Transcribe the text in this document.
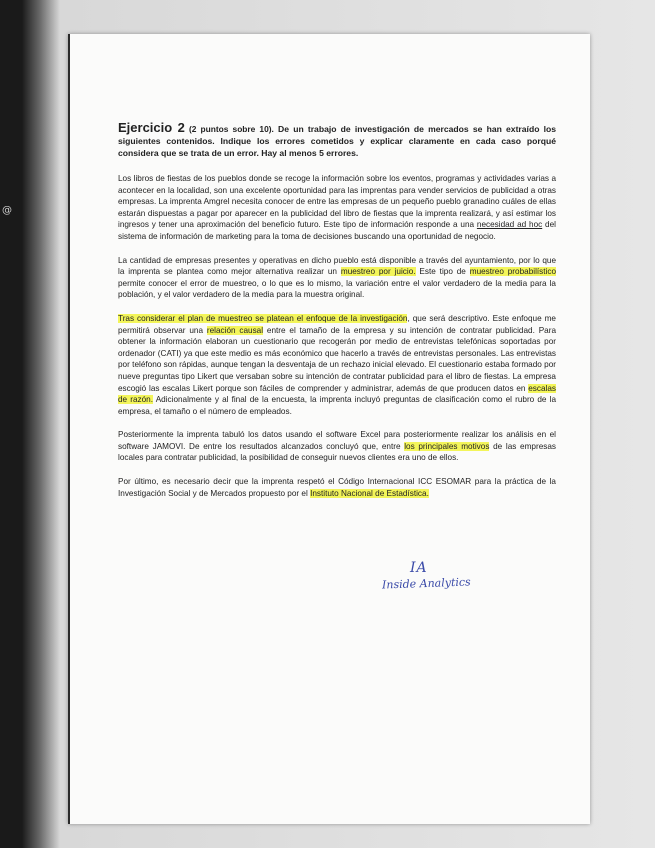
@
Ejercicio 2 (2 puntos sobre 10). De un trabajo de investigación de mercados se han extraído los siguientes contenidos. Indique los errores cometidos y explicar claramente en cada caso porqué considera que se trata de un error. Hay al menos 5 errores.

Los libros de fiestas de los pueblos donde se recoge la información sobre los eventos, programas y actividades varias a acontecer en la localidad, son una excelente oportunidad para las imprentas para vender servicios de publicidad a otras empresas. La imprenta Amgrel necesita conocer de entre las empresas de un pequeño pueblo granadino cuáles de ellas estarán dispuestas a pagar por aparecer en la publicidad del libro de fiestas que la imprenta realizará, y así estimar los ingresos y tener una aproximación del beneficio futuro. Este tipo de información responde a una necesidad ad hoc del sistema de información de marketing para la toma de decisiones buscando una oportunidad de negocio.

La cantidad de empresas presentes y operativas en dicho pueblo está disponible a través del ayuntamiento, por lo que la imprenta se plantea como mejor alternativa realizar un muestreo por juicio. Este tipo de muestreo probabilístico permite conocer el error de muestreo, o lo que es lo mismo, la variación entre el valor verdadero de la media para la población, y el valor verdadero de la media para la muestra original.

Tras considerar el plan de muestreo se platean el enfoque de la investigación, que será descriptivo. Este enfoque me permitirá observar una relación causal entre el tamaño de la empresa y su intención de contratar publicidad. Para obtener la información elaboran un cuestionario que recogerán por medio de entrevistas telefónicas soportadas por ordenador (CATI) ya que este medio es más económico que hacerlo a través de entrevistas personales. Las entrevistas por teléfono son rápidas, aunque tengan la desventaja de un rechazo inicial elevado. El cuestionario estaba formado por nueve preguntas tipo Likert que versaban sobre su intención de contratar publicidad para el libro de fiestas. La empresa escogió las escalas Likert porque son fáciles de comprender y administrar, además de que producen datos en escalas de razón. Adicionalmente y al final de la encuesta, la imprenta incluyó preguntas de clasificación como el rubro de la empresa, el tamaño o el número de empleados.

Posteriormente la imprenta tabuló los datos usando el software Excel para posteriormente realizar los análisis en el software JAMOVI. De entre los resultados alcanzados concluyó que, entre los principales motivos de las empresas locales para contratar publicidad, la posibilidad de conseguir nuevos clientes era uno de ellos.

Por último, es necesario decir que la imprenta respetó el Código Internacional ICC ESOMAR para la práctica de la Investigación Social y de Mercados propuesto por el Instituto Nacional de Estadística.

IA
Inside Analytics
